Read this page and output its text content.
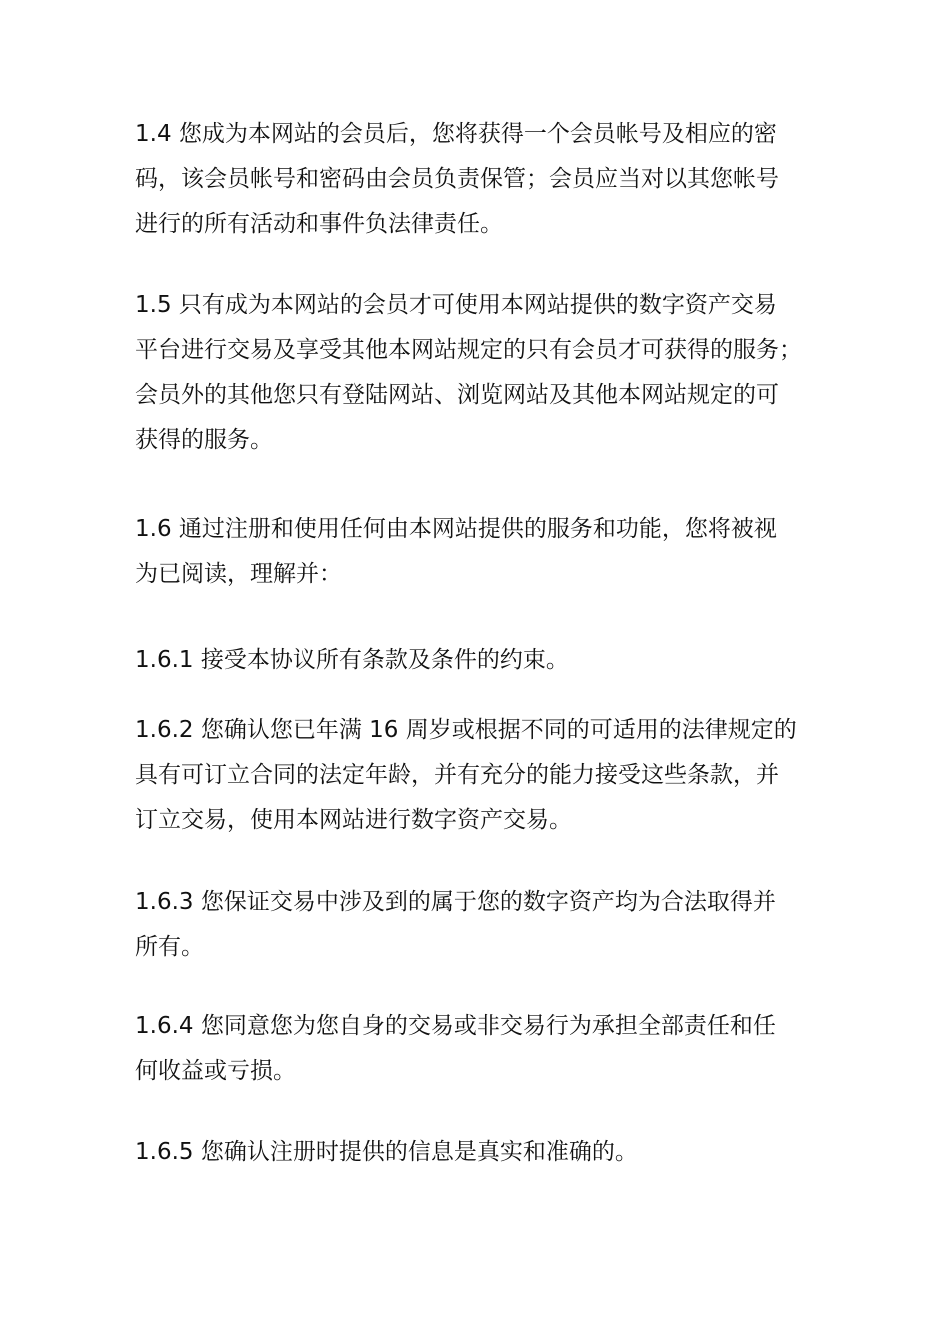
1.4 您成为本网站的会员后，您将获得一个会员帐号及相应的密
码，该会员帐号和密码由会员负责保管；会员应当对以其您帐号
进行的所有活动和事件负法律责任。

1.5 只有成为本网站的会员才可使用本网站提供的数字资产交易
平台进行交易及享受其他本网站规定的只有会员才可获得的服务；
会员外的其他您只有登陆网站、浏览网站及其他本网站规定的可
获得的服务。

1.6 通过注册和使用任何由本网站提供的服务和功能，您将被视
为已阅读，理解并：

1.6.1 接受本协议所有条款及条件的约束。

1.6.2 您确认您已年满 16 周岁或根据不同的可适用的法律规定的
具有可订立合同的法定年龄，并有充分的能力接受这些条款，并
订立交易，使用本网站进行数字资产交易。

1.6.3 您保证交易中涉及到的属于您的数字资产均为合法取得并
所有。

1.6.4 您同意您为您自身的交易或非交易行为承担全部责任和任
何收益或亏损。

1.6.5 您确认注册时提供的信息是真实和准确的。
